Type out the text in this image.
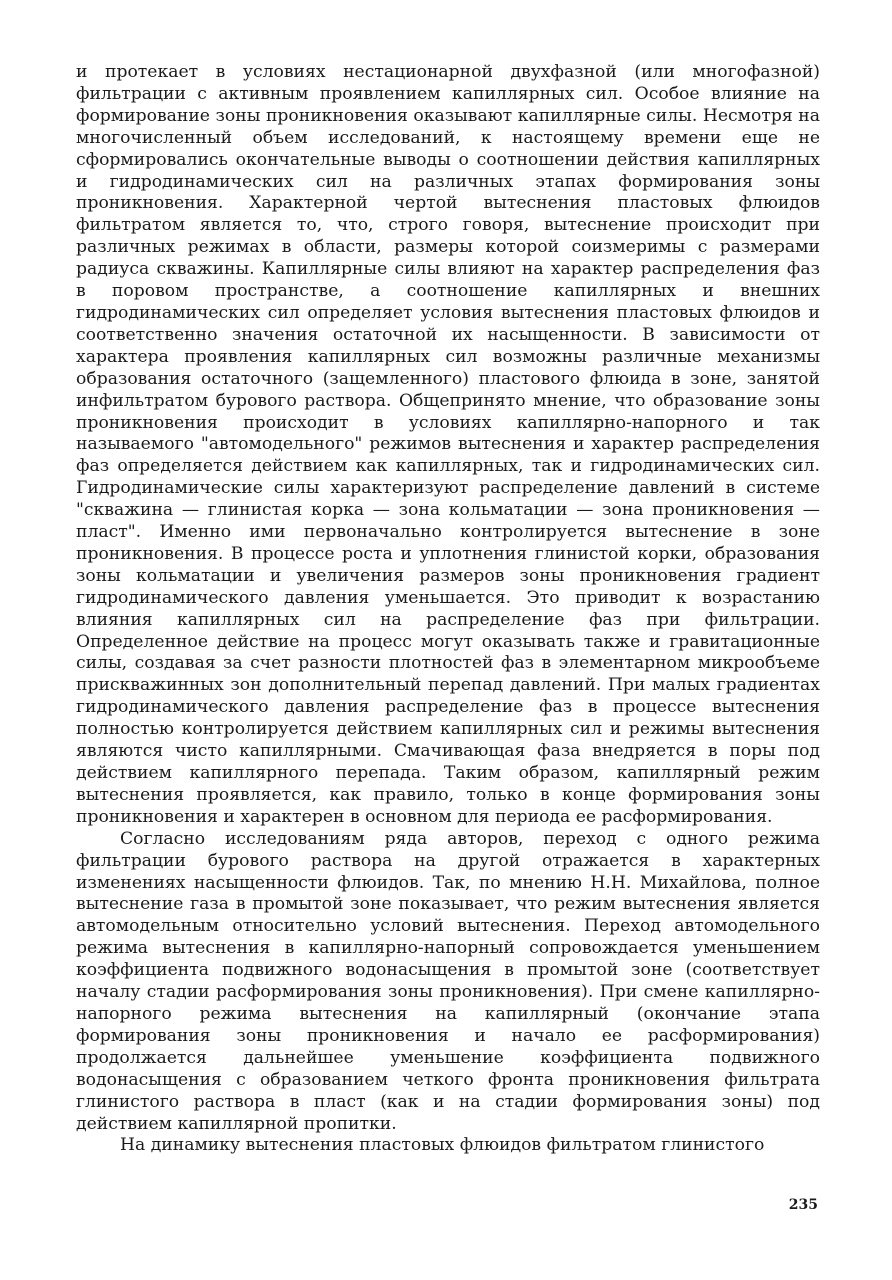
и протекает в условиях нестационарной двухфазной (или многофазной) фильтрации с активным проявлением капиллярных сил. Особое влияние на формирование зоны проникновения оказывают капиллярные силы. Несмотря на многочисленный объем исследований, к настоящему времени еще не сформировались окончательные выводы о соотношении действия капиллярных и гидродинамических сил на различных этапах формирования зоны проникновения. Характерной чертой вытеснения пластовых флюидов фильтратом является то, что, строго говоря, вытеснение происходит при различных режимах в области, размеры которой соизмеримы с размерами радиуса скважины. Капиллярные силы влияют на характер распределения фаз в поровом пространстве, а соотношение капиллярных и внешних гидродинамических сил определяет условия вытеснения пластовых флюидов и соответственно значения остаточной их насыщенности. В зависимости от характера проявления капиллярных сил возможны различные механизмы образования остаточного (защемленного) пластового флюида в зоне, занятой инфильтратом бурового раствора. Общепринято мнение, что образование зоны проникновения происходит в условиях капиллярно-напорного и так называемого "автомодельного" режимов вытеснения и характер распределения фаз определяется действием как капиллярных, так и гидродинамических сил. Гидродинамические силы характеризуют распределение давлений в системе "скважина — глинистая корка — зона кольматации — зона проникновения — пласт". Именно ими первоначально контролируется вытеснение в зоне проникновения. В процессе роста и уплотнения глинистой корки, образования зоны кольматации и увеличения размеров зоны проникновения градиент гидродинамического давления уменьшается. Это приводит к возрастанию влияния капиллярных сил на распределение фаз при фильтрации. Определенное действие на процесс могут оказывать также и гравитационные силы, создавая за счет разности плотностей фаз в элементарном микрообъеме прискважинных зон дополнительный перепад давлений. При малых градиентах гидродинамического давления распределение фаз в процессе вытеснения полностью контролируется действием капиллярных сил и режимы вытеснения являются чисто капиллярными. Смачивающая фаза внедряется в поры под действием капиллярного перепада. Таким образом, капиллярный режим вытеснения проявляется, как правило, только в конце формирования зоны проникновения и характерен в основном для периода ее расформирования.

Согласно исследованиям ряда авторов, переход с одного режима фильтрации бурового раствора на другой отражается в характерных изменениях насыщенности флюидов. Так, по мнению Н.Н. Михайлова, полное вытеснение газа в промытой зоне показывает, что режим вытеснения является автомодельным относительно условий вытеснения. Переход автомодельного режима вытеснения в капиллярно-напорный сопровождается уменьшением коэффициента подвижного водонасыщения в промытой зоне (соответствует началу стадии расформирования зоны проникновения). При смене капиллярно-напорного режима вытеснения на капиллярный (окончание этапа формирования зоны проникновения и начало ее расформирования) продолжается дальнейшее уменьшение коэффициента подвижного водонасыщения с образованием четкого фронта проникновения фильтрата глинистого раствора в пласт (как и на стадии формирования зоны) под действием капиллярной пропитки.

На динамику вытеснения пластовых флюидов фильтратом глинистого

235
